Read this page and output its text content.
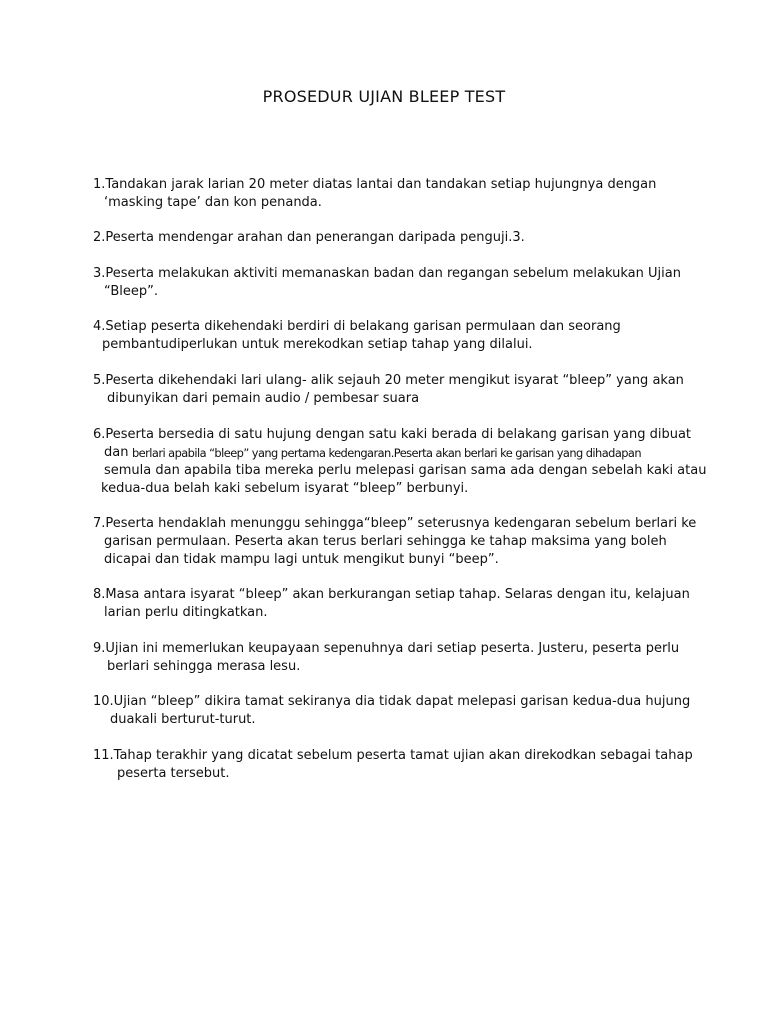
PROSEDUR UJIAN BLEEP TEST
1.Tandakan jarak larian 20 meter diatas lantai dan tandakan setiap hujungnya dengan
‘masking tape’ dan kon penanda.
2.Peserta mendengar arahan dan penerangan daripada penguji.3.
3.Peserta melakukan aktiviti memanaskan badan dan regangan sebelum melakukan Ujian
“Bleep”.
4.Setiap peserta dikehendaki berdiri di belakang garisan permulaan dan seorang
pembantudiperlukan untuk merekodkan setiap tahap yang dilalui.
5.Peserta dikehendaki lari ulang- alik sejauh 20 meter mengikut isyarat “bleep” yang akan
dibunyikan dari pemain audio / pembesar suara
6.Peserta bersedia di satu hujung dengan satu kaki berada di belakang garisan yang dibuat
dan berlari apabila “bleep” yang pertama kedengaran.Peserta akan berlari ke garisan yang dihadapan
semula dan apabila tiba mereka perlu melepasi garisan sama ada dengan sebelah kaki atau
kedua-dua belah kaki sebelum isyarat “bleep” berbunyi.
7.Peserta hendaklah menunggu sehingga“bleep” seterusnya kedengaran sebelum berlari ke
garisan permulaan. Peserta akan terus berlari sehingga ke tahap maksima yang boleh
dicapai dan tidak mampu lagi untuk mengikut bunyi “beep”.
8.Masa antara isyarat “bleep” akan berkurangan setiap tahap. Selaras dengan itu, kelajuan
larian perlu ditingkatkan.
9.Ujian ini memerlukan keupayaan sepenuhnya dari setiap peserta. Justeru, peserta perlu
berlari sehingga merasa lesu.
10.Ujian “bleep” dikira tamat sekiranya dia tidak dapat melepasi garisan kedua-dua hujung
duakali berturut-turut.
11.Tahap terakhir yang dicatat sebelum peserta tamat ujian akan direkodkan sebagai tahap
peserta tersebut.
